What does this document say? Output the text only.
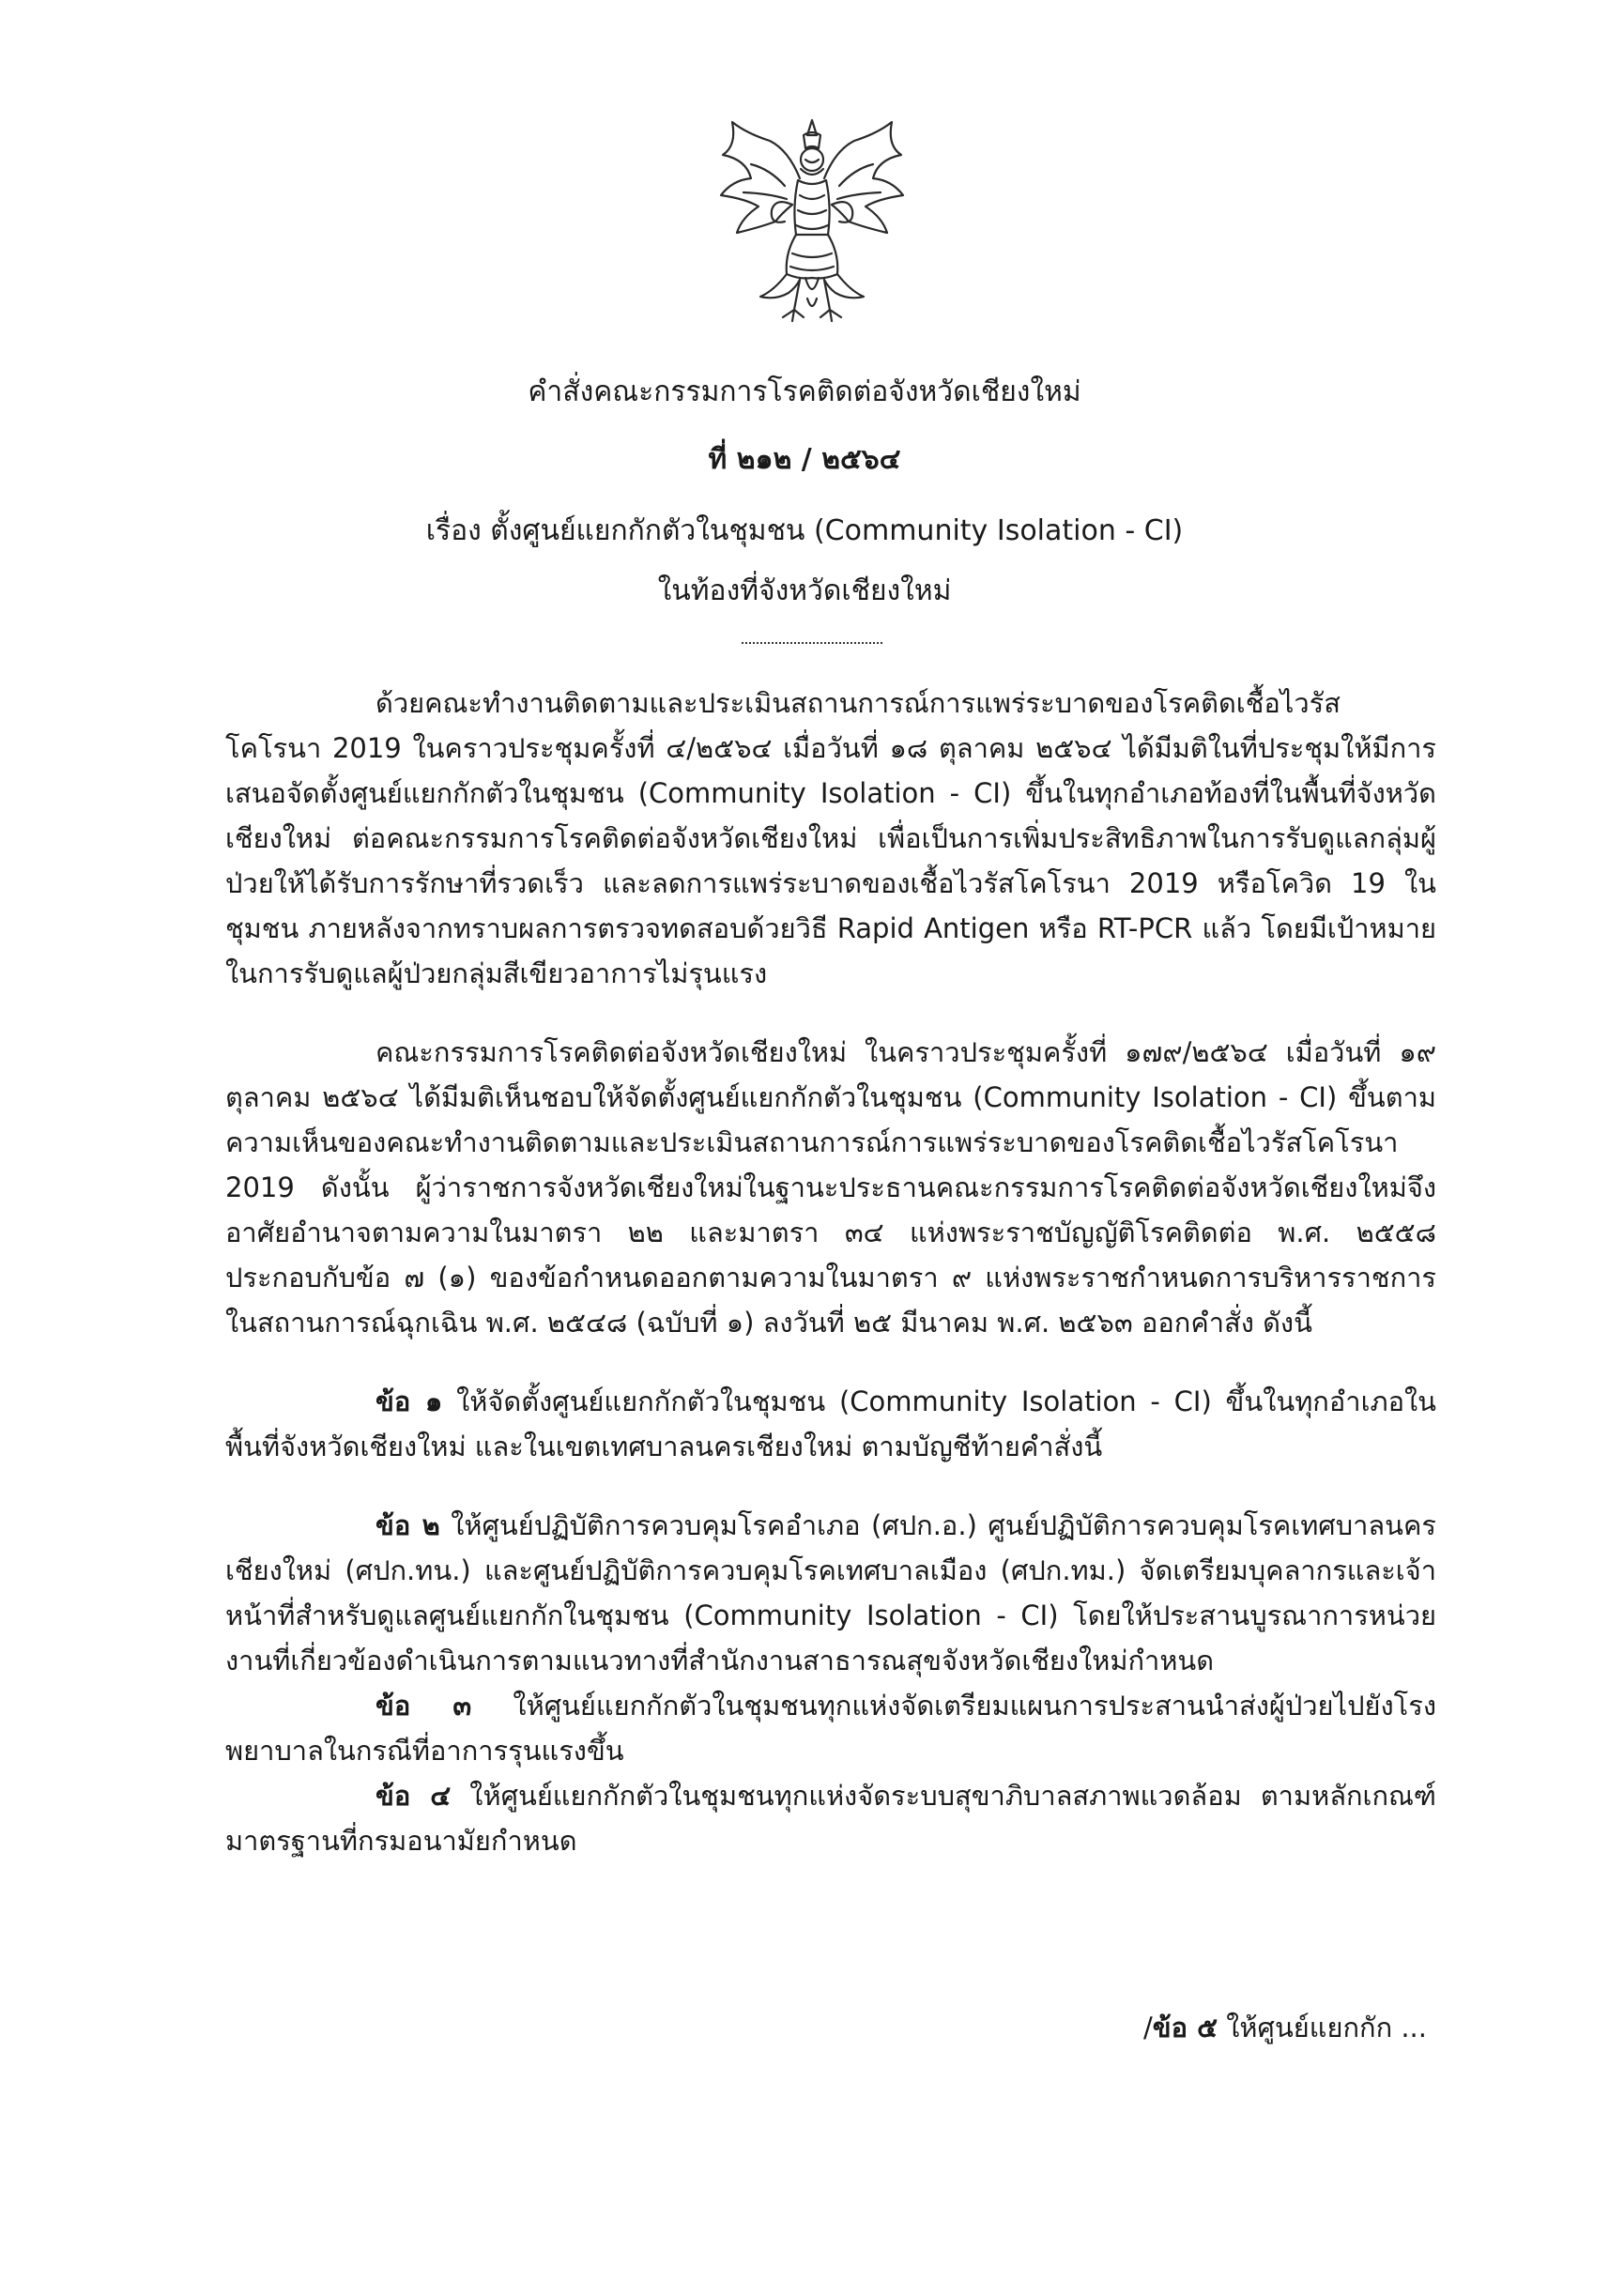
คำสั่งคณะกรรมการโรคติดต่อจังหวัดเชียงใหม่
ที่ ๒๑๒ / ๒๕๖๔
เรื่อง ตั้งศูนย์แยกกักตัวในชุมชน (Community Isolation - CI)
ในท้องที่จังหวัดเชียงใหม่

ด้วยคณะทำงานติดตามและประเมินสถานการณ์การแพร่ระบาดของโรคติดเชื้อไวรัสโคโรนา 2019 ในคราวประชุมครั้งที่ ๔/๒๕๖๔ เมื่อวันที่ ๑๘ ตุลาคม ๒๕๖๔ ได้มีมติในที่ประชุมให้มีการเสนอจัดตั้งศูนย์แยกกักตัวในชุมชน (Community Isolation - CI) ขึ้นในทุกอำเภอท้องที่ในพื้นที่จังหวัดเชียงใหม่ ต่อคณะกรรมการโรคติดต่อจังหวัดเชียงใหม่ เพื่อเป็นการเพิ่มประสิทธิภาพในการรับดูแลกลุ่มผู้ป่วยให้ได้รับการรักษาที่รวดเร็ว และลดการแพร่ระบาดของเชื้อไวรัสโคโรนา 2019 หรือโควิด 19 ในชุมชน ภายหลังจากทราบผลการตรวจทดสอบด้วยวิธี Rapid Antigen หรือ RT-PCR แล้ว โดยมีเป้าหมายในการรับดูแลผู้ป่วยกลุ่มสีเขียวอาการไม่รุนแรง

คณะกรรมการโรคติดต่อจังหวัดเชียงใหม่ ในคราวประชุมครั้งที่ ๑๗๙/๒๕๖๔ เมื่อวันที่ ๑๙ ตุลาคม ๒๕๖๔ ได้มีมติเห็นชอบให้จัดตั้งศูนย์แยกกักตัวในชุมชน (Community Isolation - CI) ขึ้นตามความเห็นของคณะทำงานติดตามและประเมินสถานการณ์การแพร่ระบาดของโรคติดเชื้อไวรัสโคโรนา 2019 ดังนั้น ผู้ว่าราชการจังหวัดเชียงใหม่ในฐานะประธานคณะกรรมการโรคติดต่อจังหวัดเชียงใหม่จึงอาศัยอำนาจตามความในมาตรา ๒๒ และมาตรา ๓๔ แห่งพระราชบัญญัติโรคติดต่อ พ.ศ. ๒๕๕๘ ประกอบกับข้อ ๗ (๑) ของข้อกำหนดออกตามความในมาตรา ๙ แห่งพระราชกำหนดการบริหารราชการในสถานการณ์ฉุกเฉิน พ.ศ. ๒๕๔๘ (ฉบับที่ ๑) ลงวันที่ ๒๕ มีนาคม พ.ศ. ๒๕๖๓ ออกคำสั่ง ดังนี้

ข้อ ๑ ให้จัดตั้งศูนย์แยกกักตัวในชุมชน (Community Isolation - CI) ขึ้นในทุกอำเภอในพื้นที่จังหวัดเชียงใหม่ และในเขตเทศบาลนครเชียงใหม่ ตามบัญชีท้ายคำสั่งนี้

ข้อ ๒ ให้ศูนย์ปฏิบัติการควบคุมโรคอำเภอ (ศปก.อ.) ศูนย์ปฏิบัติการควบคุมโรคเทศบาลนครเชียงใหม่ (ศปก.ทน.) และศูนย์ปฏิบัติการควบคุมโรคเทศบาลเมือง (ศปก.ทม.) จัดเตรียมบุคลากรและเจ้าหน้าที่สำหรับดูแลศูนย์แยกกักในชุมชน (Community Isolation - CI) โดยให้ประสานบูรณาการหน่วยงานที่เกี่ยวข้องดำเนินการตามแนวทางที่สำนักงานสาธารณสุขจังหวัดเชียงใหม่กำหนด

ข้อ ๓ ให้ศูนย์แยกกักตัวในชุมชนทุกแห่งจัดเตรียมแผนการประสานนำส่งผู้ป่วยไปยังโรงพยาบาลในกรณีที่อาการรุนแรงขึ้น

ข้อ ๔ ให้ศูนย์แยกกักตัวในชุมชนทุกแห่งจัดระบบสุขาภิบาลสภาพแวดล้อม ตามหลักเกณฑ์มาตรฐานที่กรมอนามัยกำหนด

/ข้อ ๕ ให้ศูนย์แยกกัก ...
